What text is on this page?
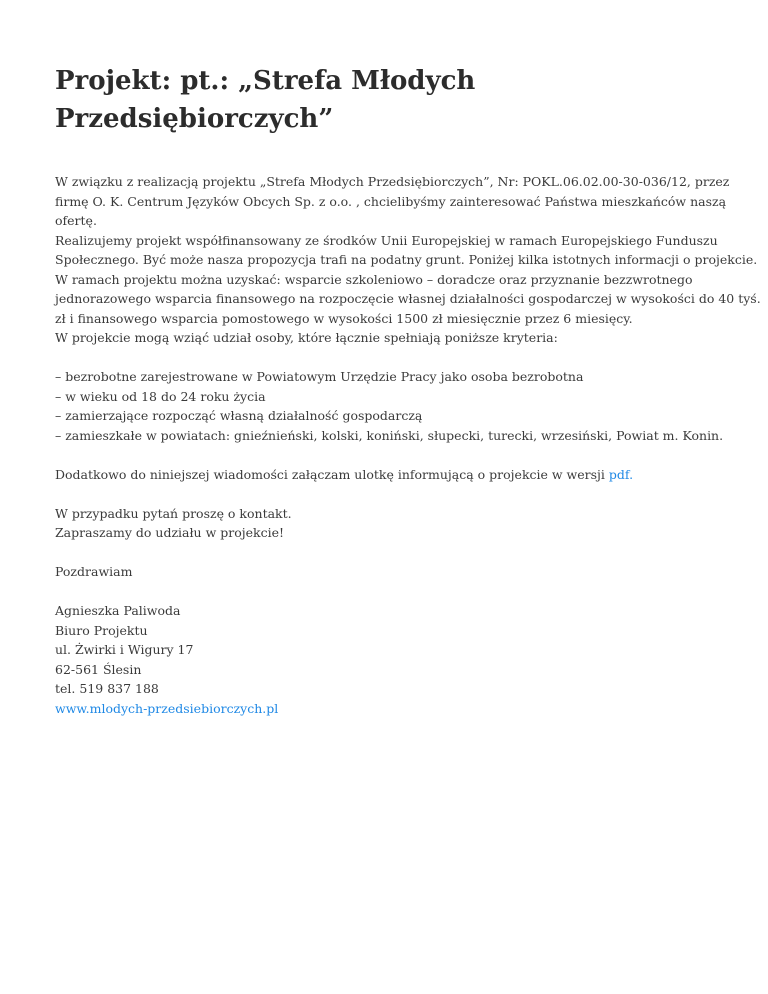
Projekt: pt.: „Strefa Młodych Przedsiębiorczych”
W związku z realizacją projektu „Strefa Młodych Przedsiębiorczych”, Nr: POKL.06.02.00-30-036/12, przez
firmę O. K. Centrum Języków Obcych Sp. z o.o. , chcielibyśmy zainteresować Państwa mieszkańców naszą
ofertę.
Realizujemy projekt współfinansowany ze środków Unii Europejskiej w ramach Europejskiego Funduszu
Społecznego. Być może nasza propozycja trafi na podatny grunt. Poniżej kilka istotnych informacji o projekcie.
W ramach projektu można uzyskać: wsparcie szkoleniowo – doradcze oraz przyznanie bezzwrotnego
jednorazowego wsparcia finansowego na rozpoczęcie własnej działalności gospodarczej w wysokości do 40 tyś.
zł i finansowego wsparcia pomostowego w wysokości 1500 zł miesięcznie przez 6 miesięcy.
W projekcie mogą wziąć udział osoby, które łącznie spełniają poniższe kryteria:
– bezrobotne zarejestrowane w Powiatowym Urzędzie Pracy jako osoba bezrobotna
– w wieku od 18 do 24 roku życia
– zamierzające rozpocząć własną działalność gospodarczą
– zamieszkałe w powiatach: gnieźnieński, kolski, koniński, słupecki, turecki, wrzesiński, Powiat m. Konin.
Dodatkowo do niniejszej wiadomości załączam ulotkę informującą o projekcie w wersji pdf.
W przypadku pytań proszę o kontakt.
Zapraszamy do udziału w projekcie!
Pozdrawiam
Agnieszka Paliwoda
Biuro Projektu
ul. Żwirki i Wigury 17
62-561 Ślesin
tel. 519 837 188
www.mlodych-przedsiebiorczych.pl
